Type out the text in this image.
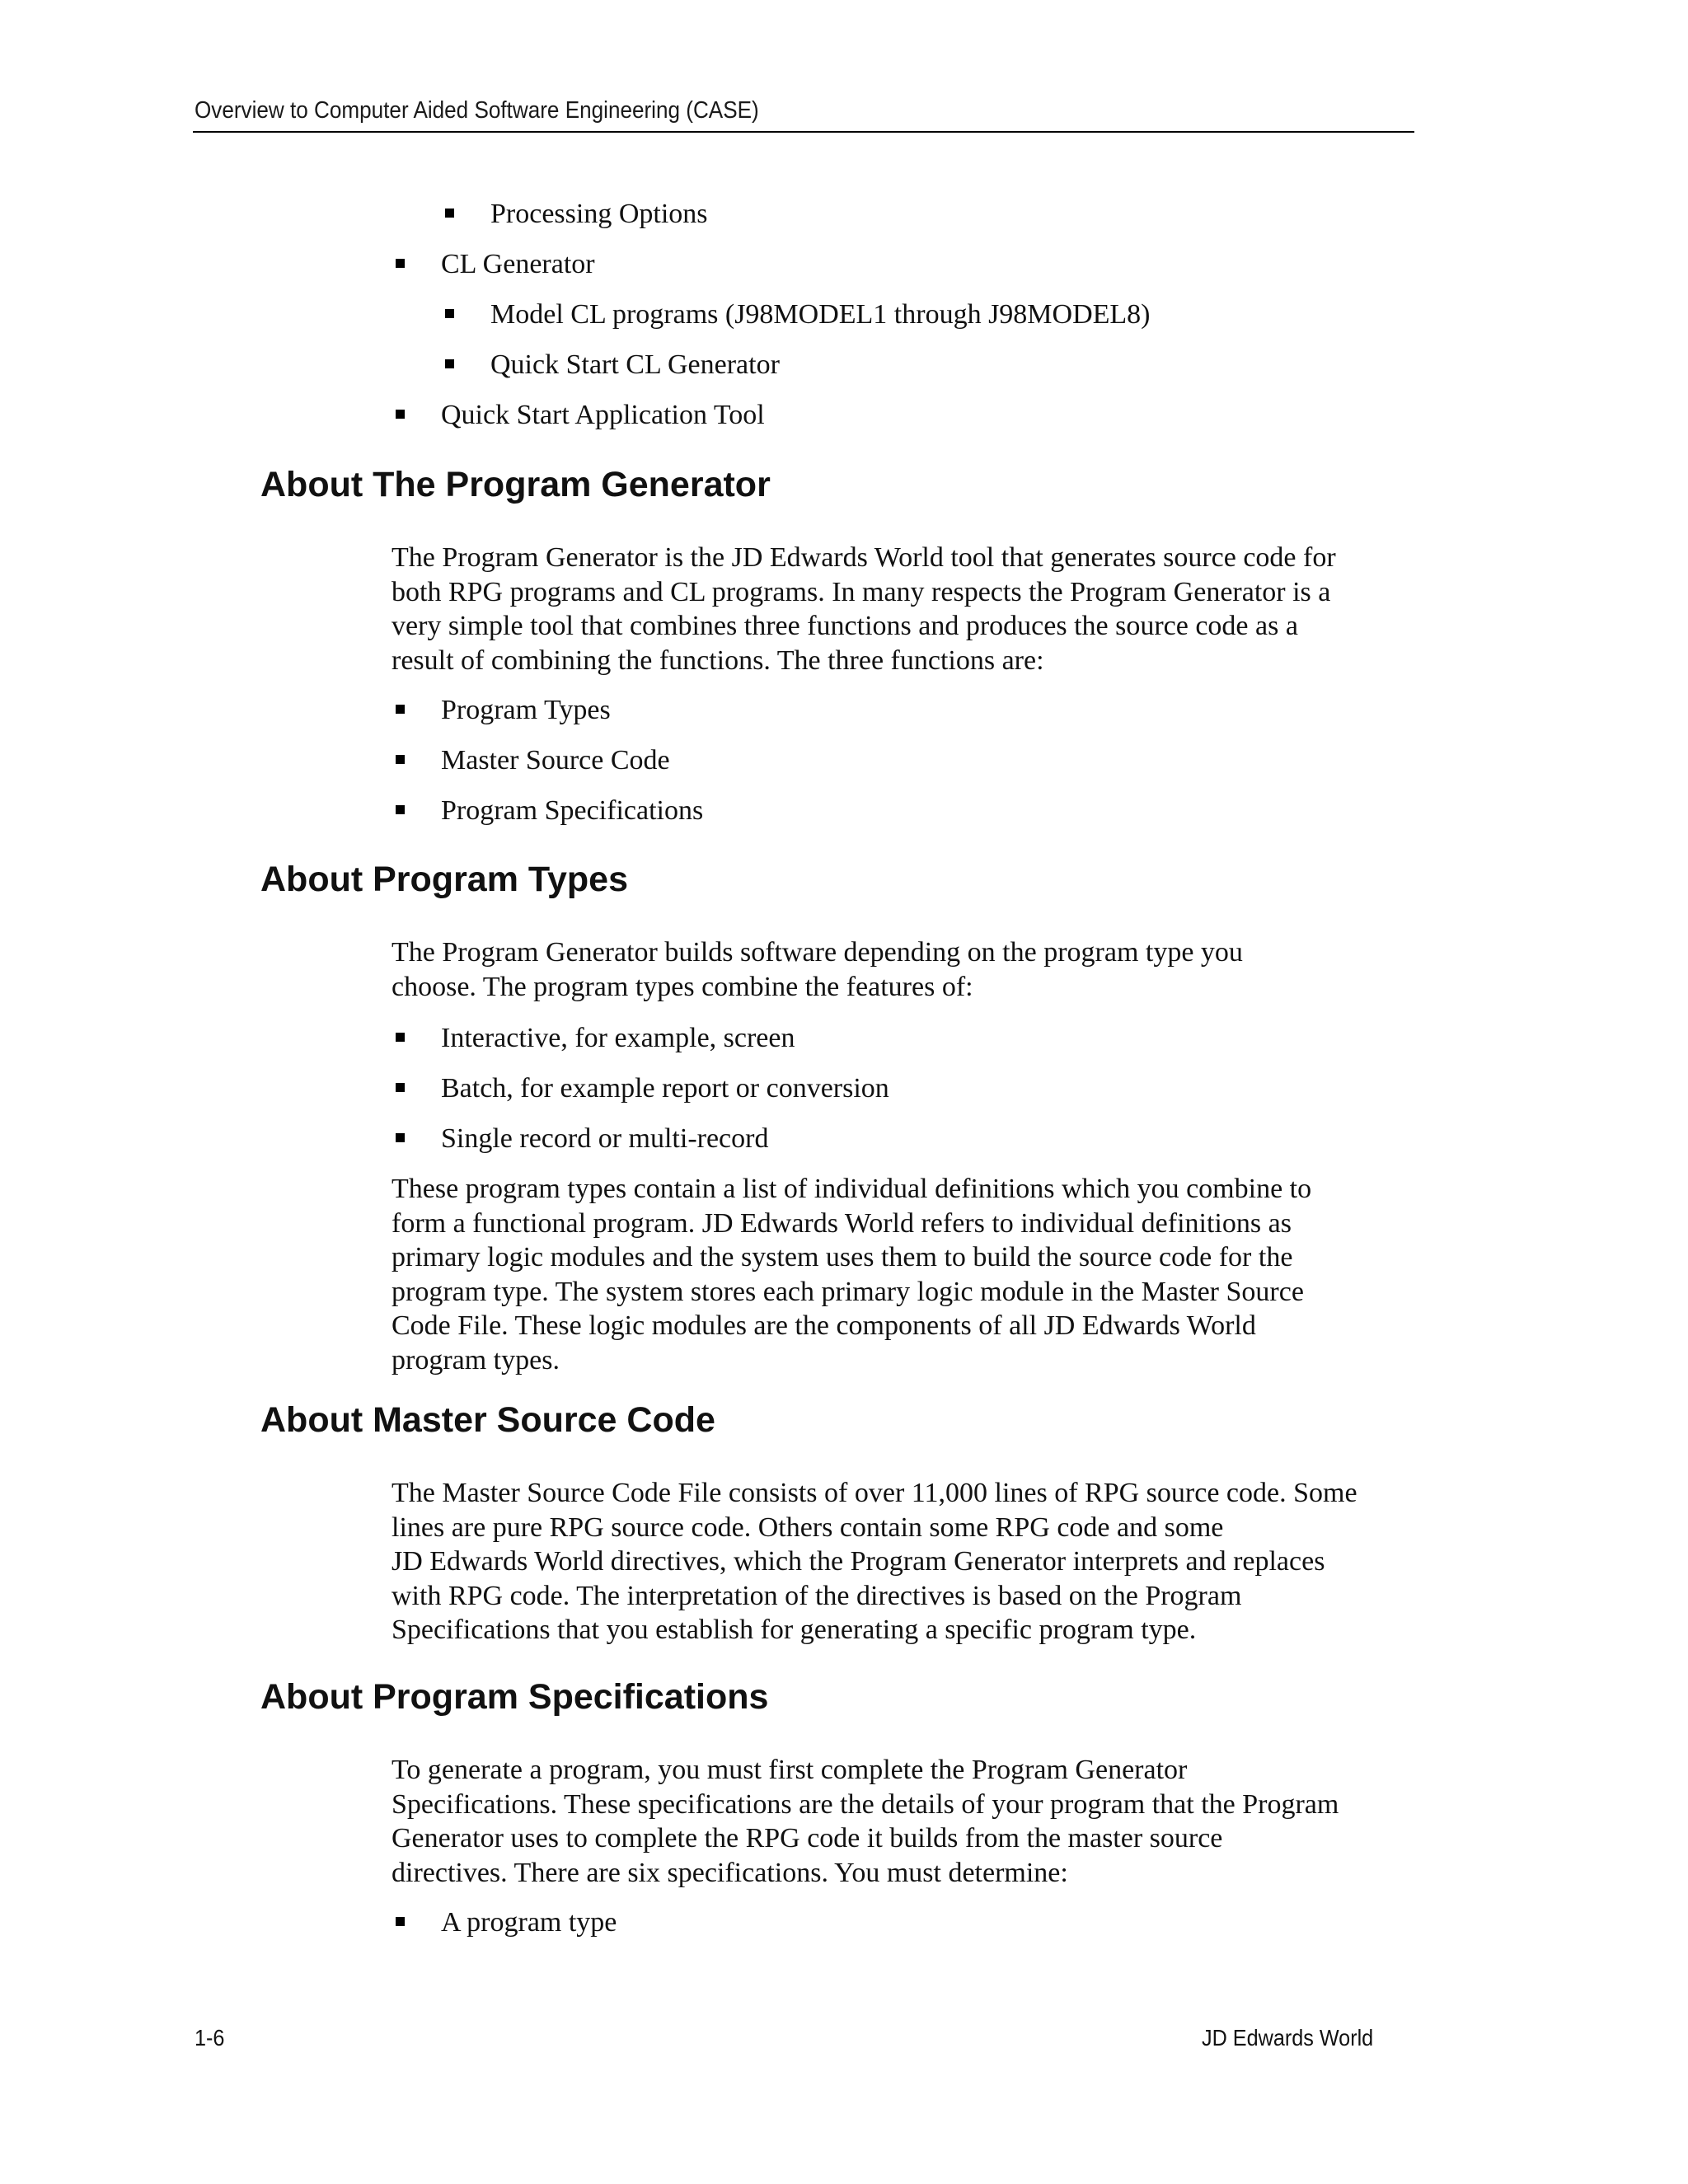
Overview to Computer Aided Software Engineering (CASE)
Processing Options
CL Generator
Model CL programs (J98MODEL1 through J98MODEL8)
Quick Start CL Generator
Quick Start Application Tool
About The Program Generator
The Program Generator is the JD Edwards World tool that generates source code for
both RPG programs and CL programs. In many respects the Program Generator is a
very simple tool that combines three functions and produces the source code as a
result of combining the functions. The three functions are:
Program Types
Master Source Code
Program Specifications
About Program Types
The Program Generator builds software depending on the program type you
choose. The program types combine the features of:
Interactive, for example, screen
Batch, for example report or conversion
Single record or multi-record
These program types contain a list of individual definitions which you combine to
form a functional program. JD Edwards World refers to individual definitions as
primary logic modules and the system uses them to build the source code for the
program type. The system stores each primary logic module in the Master Source
Code File. These logic modules are the components of all JD Edwards World
program types.
About Master Source Code
The Master Source Code File consists of over 11,000 lines of RPG source code. Some
lines are pure RPG source code. Others contain some RPG code and some
JD Edwards World directives, which the Program Generator interprets and replaces
with RPG code. The interpretation of the directives is based on the Program
Specifications that you establish for generating a specific program type.
About Program Specifications
To generate a program, you must first complete the Program Generator
Specifications. These specifications are the details of your program that the Program
Generator uses to complete the RPG code it builds from the master source
directives. There are six specifications. You must determine:
A program type
1-6	JD Edwards World
